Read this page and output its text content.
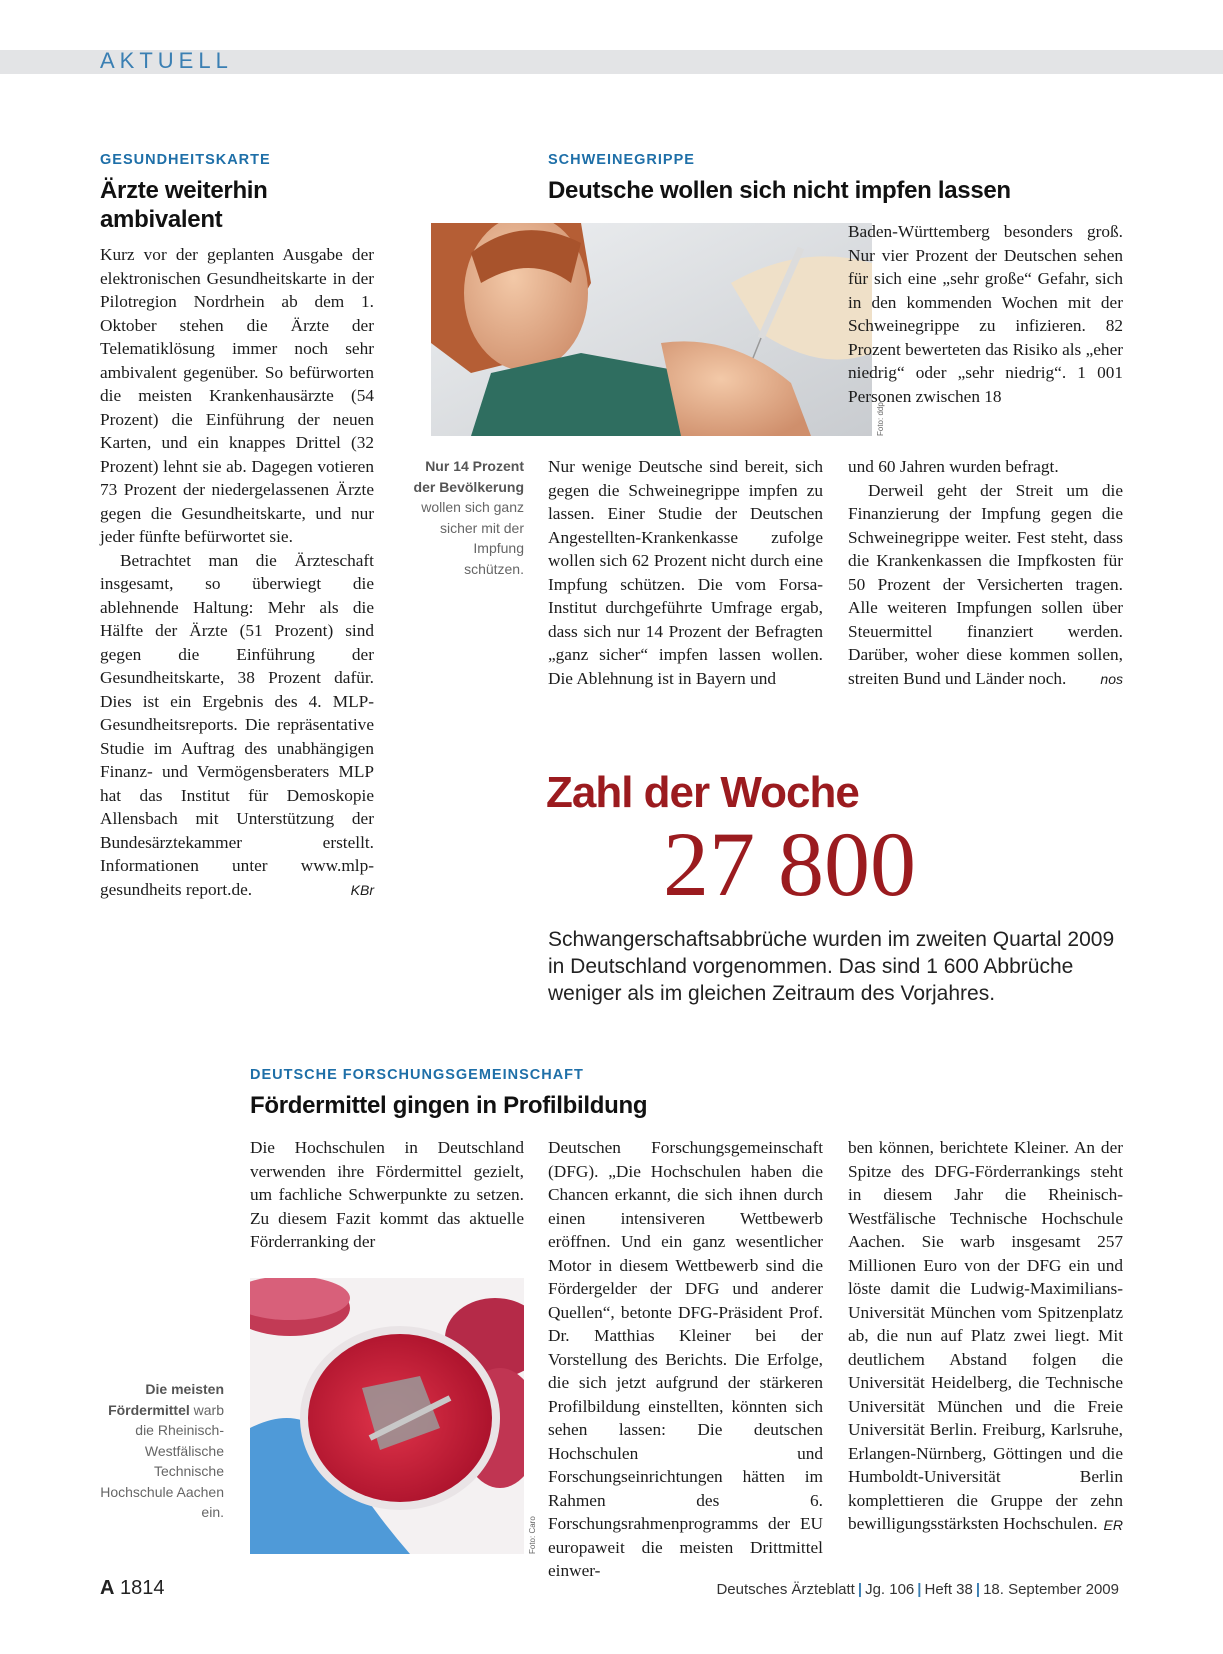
AKTUELL
GESUNDHEITSKARTE
Ärzte weiterhin ambivalent

Kurz vor der geplanten Ausgabe der elektronischen Gesundheitskarte in der Pilotregion Nordrhein ab dem 1. Oktober stehen die Ärzte der Telematiklösung immer noch sehr ambivalent gegenüber. So befürworten die meisten Krankenhausärzte (54 Prozent) die Einführung der neuen Karten, und ein knappes Drittel (32 Prozent) lehnt sie ab. Dagegen votieren 73 Prozent der niedergelassenen Ärzte gegen die Gesundheitskarte, und nur jeder fünfte befürwortet sie.

Betrachtet man die Ärzteschaft insgesamt, so überwiegt die ablehnende Haltung: Mehr als die Hälfte der Ärzte (51 Prozent) sind gegen die Einführung der Gesundheitskarte, 38 Prozent dafür. Dies ist ein Ergebnis des 4. MLP-Gesundheitsreports. Die repräsentative Studie im Auftrag des unabhängigen Finanz- und Vermögensberaters MLP hat das Institut für Demoskopie Allensbach mit Unterstützung der Bundesärztekammer erstellt. Informationen unter www.mlp-gesundheits report.de.	KBr
SCHWEINEGRIPPE
Deutsche wollen sich nicht impfen lassen
Foto: ddp

Baden-Württemberg besonders groß. Nur vier Prozent der Deutschen sehen für sich eine „sehr große“ Gefahr, sich in den kommenden Wochen mit der Schweinegrippe zu infizieren. 82 Prozent bewerteten das Risiko als „eher niedrig“ oder „sehr niedrig“. 1 001 Personen zwischen 18

Nur 14 Prozent der Bevölkerung wollen sich ganz sicher mit der Impfung schützen.

Nur wenige Deutsche sind bereit, sich gegen die Schweinegrippe impfen zu lassen. Einer Studie der Deutschen Angestellten-Krankenkasse zufolge wollen sich 62 Prozent nicht durch eine Impfung schützen. Die vom Forsa-Institut durchgeführte Umfrage ergab, dass sich nur 14 Prozent der Befragten „ganz sicher“ impfen lassen wollen. Die Ablehnung ist in Bayern und

und 60 Jahren wurden befragt.

Derweil geht der Streit um die Finanzierung der Impfung gegen die Schweinegrippe weiter. Fest steht, dass die Krankenkassen die Impfkosten für 50 Prozent der Versicherten tragen. Alle weiteren Impfungen sollen über Steuermittel finanziert werden. Darüber, woher diese kommen sollen, streiten Bund und Länder noch.	nos
Zahl der Woche
27 800
Schwangerschaftsabbrüche wurden im zweiten Quartal 2009 in Deutschland vorgenommen. Das sind 1 600 Abbrüche weniger als im gleichen Zeitraum des Vorjahres.
DEUTSCHE FORSCHUNGSGEMEINSCHAFT
Fördermittel gingen in Profilbildung

Die Hochschulen in Deutschland verwenden ihre Fördermittel gezielt, um fachliche Schwerpunkte zu setzen. Zu diesem Fazit kommt das aktuelle Förderranking der

Foto: Caro
Die meisten Fördermittel warb die Rheinisch-Westfälische Technische Hochschule Aachen ein.

Deutschen Forschungsgemeinschaft (DFG). „Die Hochschulen haben die Chancen erkannt, die sich ihnen durch einen intensiveren Wettbewerb eröffnen. Und ein ganz wesentlicher Motor in diesem Wettbewerb sind die Fördergelder der DFG und anderer Quellen“, betonte DFG-Präsident Prof. Dr. Matthias Kleiner bei der Vorstellung des Berichts. Die Erfolge, die sich jetzt aufgrund der stärkeren Profilbildung einstellten, könnten sich sehen lassen: Die deutschen Hochschulen und Forschungseinrichtungen hätten im Rahmen des 6. Forschungsrahmenprogramms der EU europaweit die meisten Drittmittel einwer-

ben können, berichtete Kleiner. An der Spitze des DFG-Förderrankings steht in diesem Jahr die Rheinisch-Westfälische Technische Hochschule Aachen. Sie warb insgesamt 257 Millionen Euro von der DFG ein und löste damit die Ludwig-Maximilians-Universität München vom Spitzenplatz ab, die nun auf Platz zwei liegt. Mit deutlichem Abstand folgen die Universität Heidelberg, die Technische Universität München und die Freie Universität Berlin. Freiburg, Karlsruhe, Erlangen-Nürnberg, Göttingen und die Humboldt-Universität Berlin komplettieren die Gruppe der zehn bewilligungsstärksten Hochschulen. ER
A 1814	Deutsches Ärzteblatt | Jg. 106 | Heft 38 | 18. September 2009
